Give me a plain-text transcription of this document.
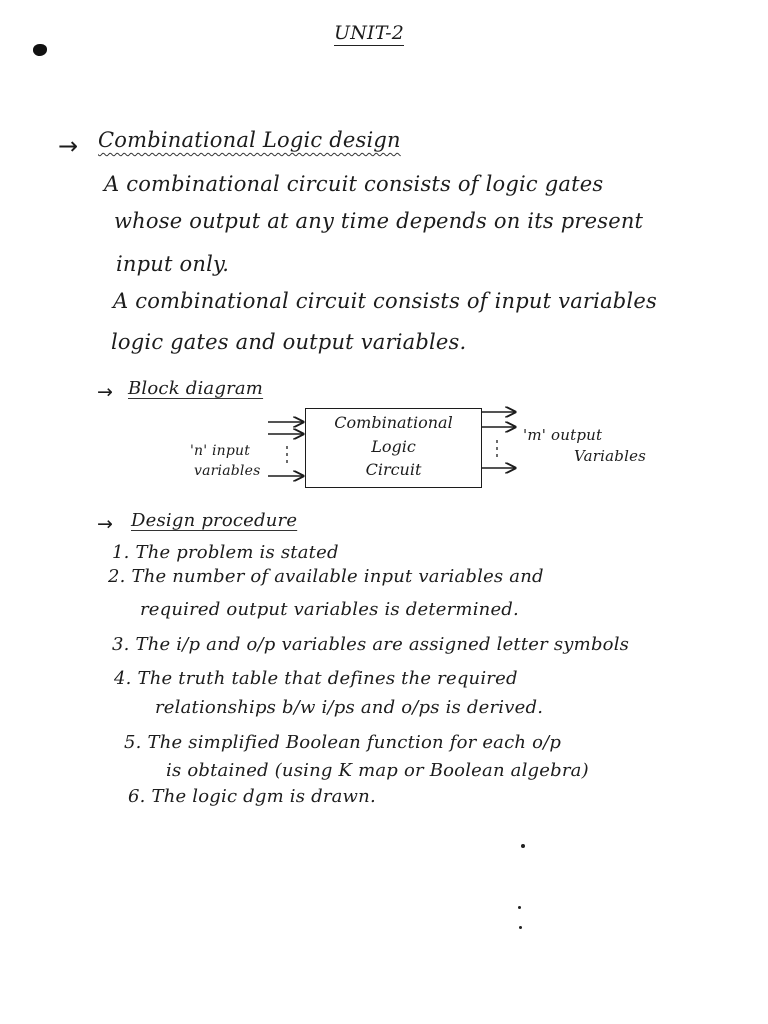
UNIT-2
→ Combinational Logic design
A combinational circuit consists of logic gates
whose output at any time depends on its present
input only.
A combinational circuit consists of input variables
logic gates and output variables.
→ Block diagram
Combinational
Logic
Circuit
'n' input
variables
'm' output
Variables
→ Design procedure
1. The problem is stated
2. The number of available input variables and
required output variables is determined.
3. The i/p and o/p variables are assigned letter symbols
4. The truth table that defines the required
relationships b/w i/ps and o/ps is derived.
5. The simplified Boolean function for each o/p
is obtained (using K map or Boolean algebra)
6. The logic dgm is drawn.
